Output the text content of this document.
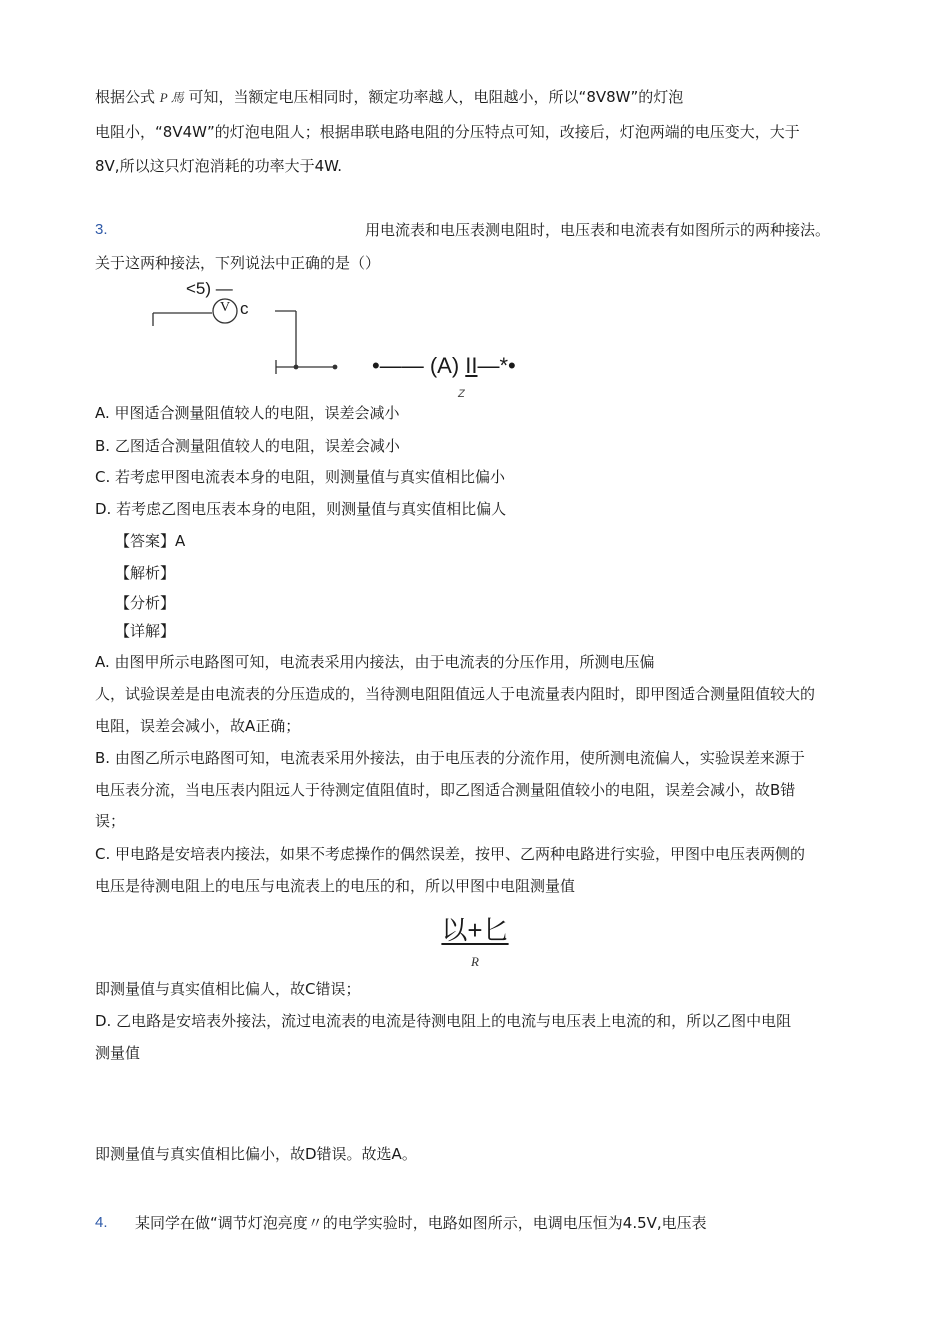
根据公式 P 馬 可知，当额定电压相同时，额定功率越人，电阻越小，所以“8V8W”的灯泡
电阻小，“8V4W”的灯泡电阻人；根据串联电路电阻的分压特点可知，改接后，灯泡两端的电压变大，大于
8V,所以这只灯泡消耗的功率大于4W.
3.	用电流表和电压表测电阻时，电压表和电流表有如图所示的两种接法。
关于这两种接法，下列说法中正确的是（）
<5) —
V c
•—— (A) II—*•
Z
A. 甲图适合测量阻值较人的电阻，误差会减小
B. 乙图适合测量阻值较人的电阻，误差会减小
C. 若考虑甲图电流表本身的电阻，则测量值与真实值相比偏小
D. 若考虑乙图电压表本身的电阻，则测量值与真实值相比偏人
【答案】A
【解析】
【分析】
【详解】
A. 由图甲所示电路图可知，电流表采用内接法，由于电流表的分压作用，所测电压偏
人，试验误差是由电流表的分压造成的，当待测电阻阻值远人于电流量表内阻时，即甲图适合测量阻值较大的
电阻，误差会减小，故A正确；
B. 由图乙所示电路图可知，电流表采用外接法，由于电压表的分流作用，使所测电流偏人，实验误差来源于
电压表分流，当电压表内阻远人于待测定值阻值时，即乙图适合测量阻值较小的电阻，误差会减小，故B错
误；
C. 甲电路是安培表内接法，如果不考虑操作的偶然误差，按甲、乙两种电路进行实验，甲图中电压表两侧的
电压是待测电阻上的电压与电流表上的电压的和，所以甲图中电阻测量值
以+匕
R
即测量值与真实值相比偏人，故C错误；
D. 乙电路是安培表外接法，流过电流表的电流是待测电阻上的电流与电压表上电流的和，所以乙图中电阻
测量值
即测量值与真实值相比偏小，故D错误。故选A。
4. 某同学在做“调节灯泡亮度〃的电学实验时，电路如图所示，电调电压恒为4.5V,电压表
